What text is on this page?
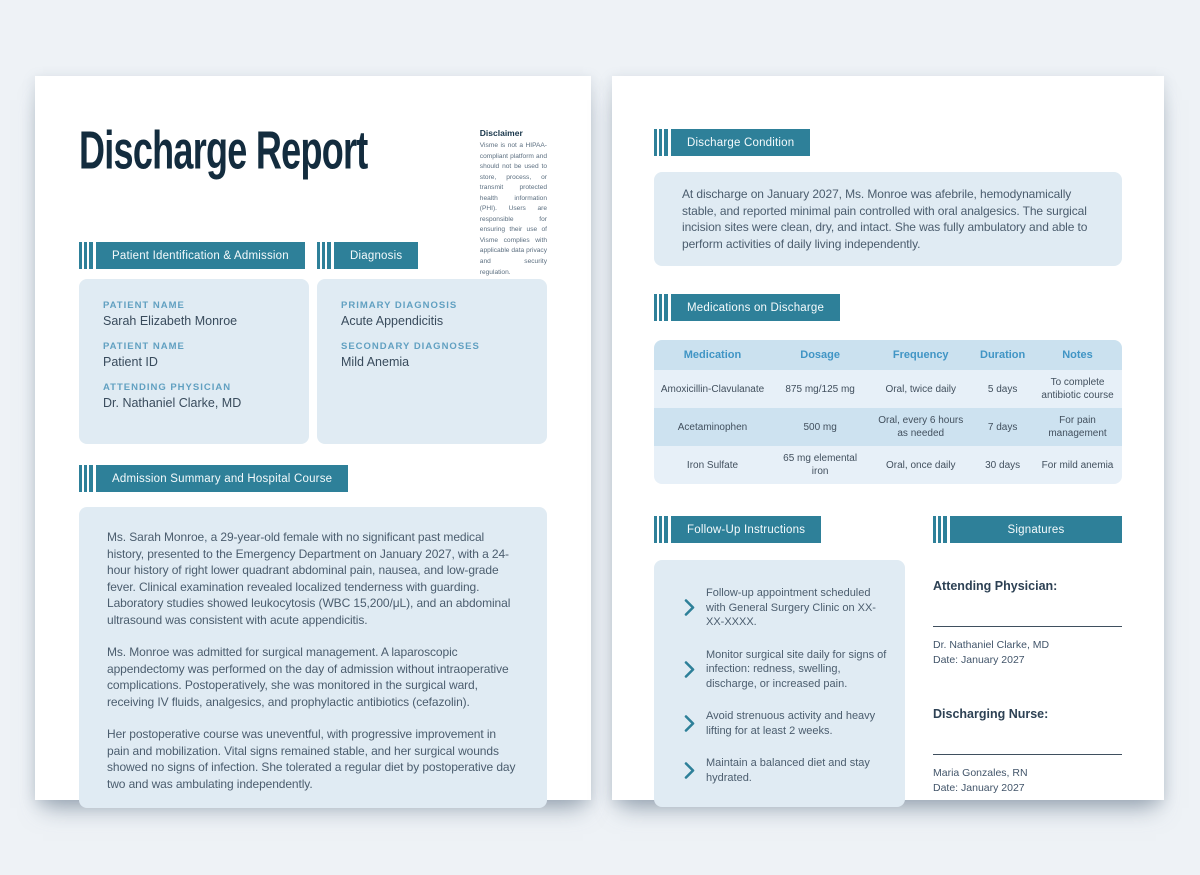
Discharge Report	Disclaimer

Visme is not a HIPAA-compliant platform and should not be used to store, process, or transmit protected health information (PHI). Users are responsible for ensuring their use of Visme complies with applicable data privacy and security regulation.

Patient Identification & Admission
PATIENT NAME
Sarah Elizabeth Monroe
PATIENT NAME
Patient ID
ATTENDING PHYSICIAN
Dr. Nathaniel Clarke, MD
Diagnosis
PRIMARY DIAGNOSIS
Acute Appendicitis
SECONDARY DIAGNOSES
Mild Anemia
Admission Summary and Hospital Course

Ms. Sarah Monroe, a 29-year-old female with no significant past medical history, presented to the Emergency Department on January 2027, with a 24-hour history of right lower quadrant abdominal pain, nausea, and low-grade fever. Clinical examination revealed localized tenderness with guarding. Laboratory studies showed leukocytosis (WBC 15,200/μL), and an abdominal ultrasound was consistent with acute appendicitis.

Ms. Monroe was admitted for surgical management. A laparoscopic appendectomy was performed on the day of admission without intraoperative complications. Postoperatively, she was monitored in the surgical ward, receiving IV fluids, analgesics, and prophylactic antibiotics (cefazolin).

Her postoperative course was uneventful, with progressive improvement in pain and mobilization. Vital signs remained stable, and her surgical wounds showed no signs of infection. She tolerated a regular diet by postoperative day two and was ambulating independently.

Discharge Condition

At discharge on January 2027, Ms. Monroe was afebrile, hemodynamically stable, and reported minimal pain controlled with oral analgesics. The surgical incision sites were clean, dry, and intact. She was fully ambulatory and able to perform activities of daily living independently.

Medications on Discharge
Medication	Dosage	Frequency	Duration	Notes
Amoxicillin-Clavulanate	875 mg/125 mg	Oral, twice daily	5 days	To complete antibiotic course
Acetaminophen	500 mg	Oral, every 6 hours as needed	7 days	For pain management
Iron Sulfate	65 mg elemental iron	Oral, once daily	30 days	For mild anemia
Follow-Up Instructions
Follow-up appointment scheduled with General Surgery Clinic on XX-XX-XXXX.
Monitor surgical site daily for signs of infection: redness, swelling, discharge, or increased pain.
Avoid strenuous activity and heavy lifting for at least 2 weeks.
Maintain a balanced diet and stay hydrated.
Signatures
Attending Physician:
Dr. Nathaniel Clarke, MD
Date: January 2027
Discharging Nurse:
Maria Gonzales, RN
Date: January 2027
